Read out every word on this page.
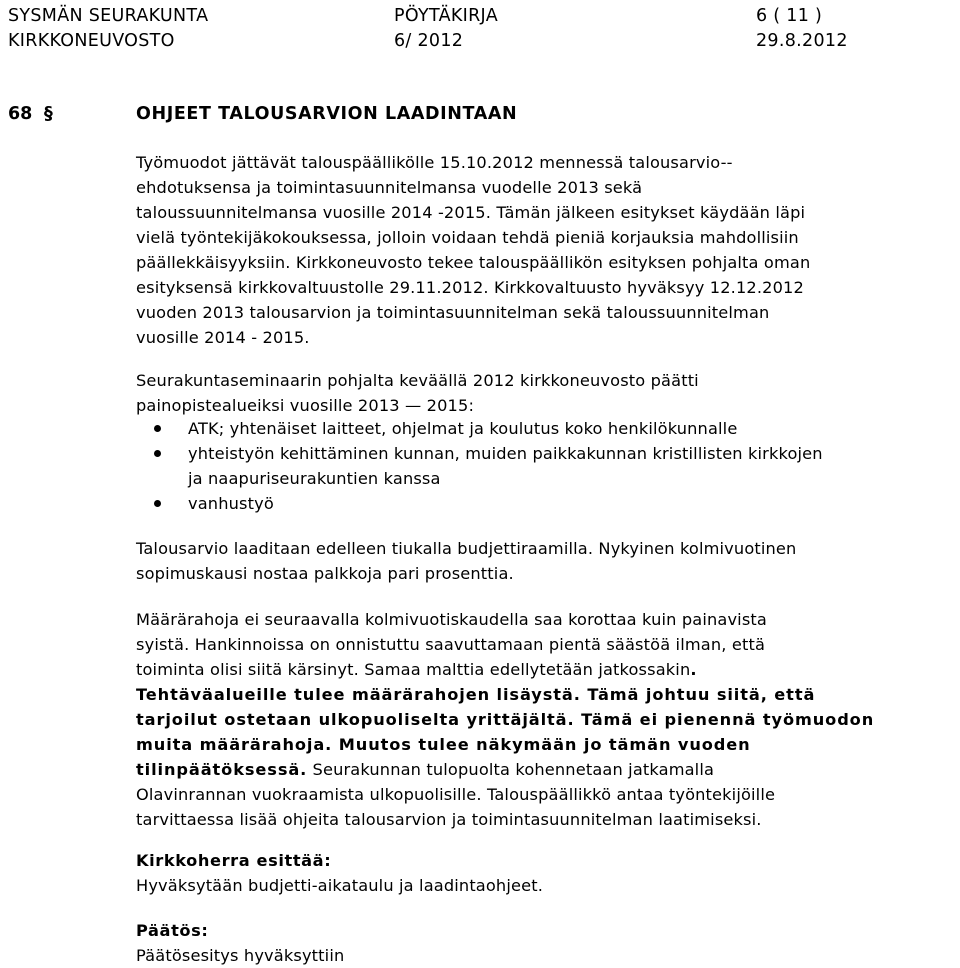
SYSMÄN SEURAKUNTA	PÖYTÄKIRJA	6 ( 11 )
KIRKKONEUVOSTO	6/ 2012	29.8.2012
68 §	OHJEET TALOUSARVION LAADINTAAN
Työmuodot jättävät talouspäällikölle 15.10.2012 mennessä talousarvio--
ehdotuksensa ja toimintasuunnitelmansa vuodelle 2013 sekä
taloussuunnitelmansa vuosille 2014 -2015. Tämän jälkeen esitykset käydään läpi
vielä työntekijäkokouksessa, jolloin voidaan tehdä pieniä korjauksia mahdollisiin
päällekkäisyyksiin. Kirkkoneuvosto tekee talouspäällikön esityksen pohjalta oman
esityksensä kirkkovaltuustolle 29.11.2012. Kirkkovaltuusto hyväksyy 12.12.2012
vuoden 2013 talousarvion ja toimintasuunnitelman sekä taloussuunnitelman
vuosille 2014 - 2015.
Seurakuntaseminaarin pohjalta keväällä 2012 kirkkoneuvosto päätti
painopistealueiksi vuosille 2013 — 2015:
ATK; yhtenäiset laitteet, ohjelmat ja koulutus koko henkilökunnalle
yhteistyön kehittäminen kunnan, muiden paikkakunnan kristillisten kirkkojen
ja naapuriseurakuntien kanssa
vanhustyö
Talousarvio laaditaan edelleen tiukalla budjettiraamilla. Nykyinen kolmivuotinen
sopimuskausi nostaa palkkoja pari prosenttia.
Määrärahoja ei seuraavalla kolmivuotiskaudella saa korottaa kuin painavista
syistä. Hankinnoissa on onnistuttu saavuttamaan pientä säästöä ilman, että
toiminta olisi siitä kärsinyt. Samaa malttia edellytetään jatkossakin.
Tehtäväalueille tulee määrärahojen lisäystä. Tämä johtuu siitä, että
tarjoilut ostetaan ulkopuoliselta yrittäjältä. Tämä ei pienennä työmuodon
muita määrärahoja. Muutos tulee näkymään jo tämän vuoden
tilinpäätöksessä. Seurakunnan tulopuolta kohennetaan jatkamalla
Olavinrannan vuokraamista ulkopuolisille. Talouspäällikkö antaa työntekijöille
tarvittaessa lisää ohjeita talousarvion ja toimintasuunnitelman laatimiseksi.
Kirkkoherra esittää:
Hyväksytään budjetti-aikataulu ja laadintaohjeet.
Päätös:
Päätösesitys hyväksyttiin
